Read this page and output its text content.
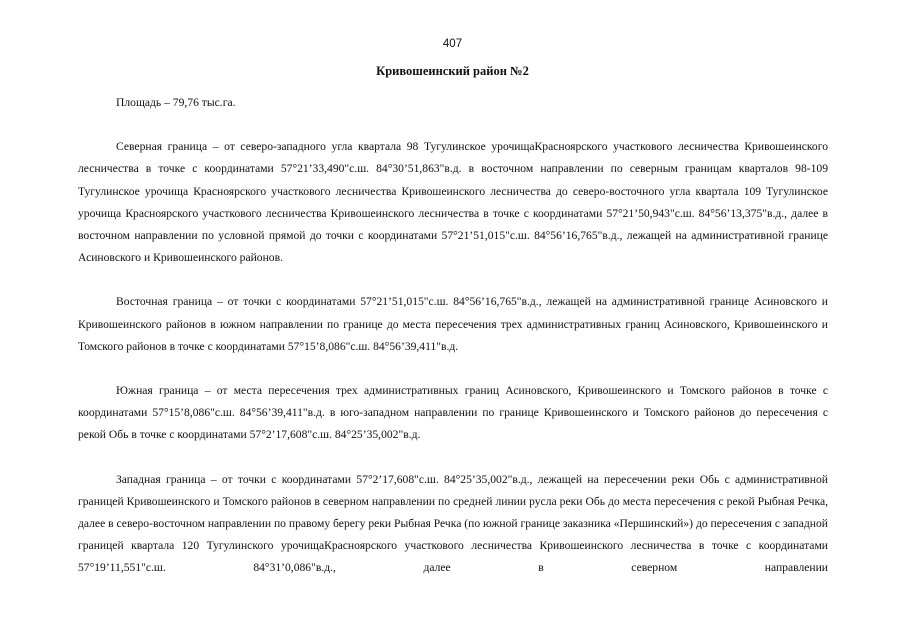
407
Кривошеинский район №2

Площадь – 79,76 тыс.га.

Северная граница – от северо-западного угла квартала 98 Тугулинское урочищаКрасноярского участкового лесничества Кривошеинского лесничества в точке с координатами 57°21’33,490"с.ш. 84°30’51,863"в.д. в восточном направлении по северным границам кварталов 98-109 Тугулинское урочища Красноярского участкового лесничества Кривошеинского лесничества до северо-восточного угла квартала 109 Тугулинское урочища Красноярского участкового лесничества Кривошеинского лесничества в точке с координатами 57°21’50,943"с.ш. 84°56’13,375"в.д., далее в восточном направлении по условной прямой до точки с координатами 57°21’51,015"с.ш. 84°56’16,765"в.д., лежащей на административной границе Асиновского и Кривошеинского районов.

Восточная граница – от точки с координатами 57°21’51,015"с.ш. 84°56’16,765"в.д., лежащей на административной границе Асиновского и Кривошеинского районов в южном направлении по границе до места пересечения трех административных границ Асиновского, Кривошеинского и Томского районов в точке с координатами 57°15’8,086"с.ш. 84°56’39,411"в.д.

Южная граница – от места пересечения трех административных границ Асиновского, Кривошеинского и Томского районов в точке с координатами 57°15’8,086"с.ш. 84°56’39,411"в.д. в юго-западном направлении по границе Кривошеинского и Томского районов до пересечения с рекой Обь в точке с координатами 57°2’17,608"с.ш. 84°25’35,002"в.д.

Западная граница – от точки с координатами 57°2’17,608"с.ш. 84°25’35,002"в.д., лежащей на пересечении реки Обь с административной границей Кривошеинского и Томского районов в северном направлении по средней линии русла реки Обь до места пересечения с рекой Рыбная Речка, далее в северо-восточном направлении по правому берегу реки Рыбная Речка (по южной границе заказника «Першинский») до пересечения с западной границей квартала 120 Тугулинского урочищаКрасноярского участкового лесничества Кривошеинского лесничества в точке с координатами 57°19’11,551"с.ш. 84°31’0,086"в.д., далее в северном направлении
